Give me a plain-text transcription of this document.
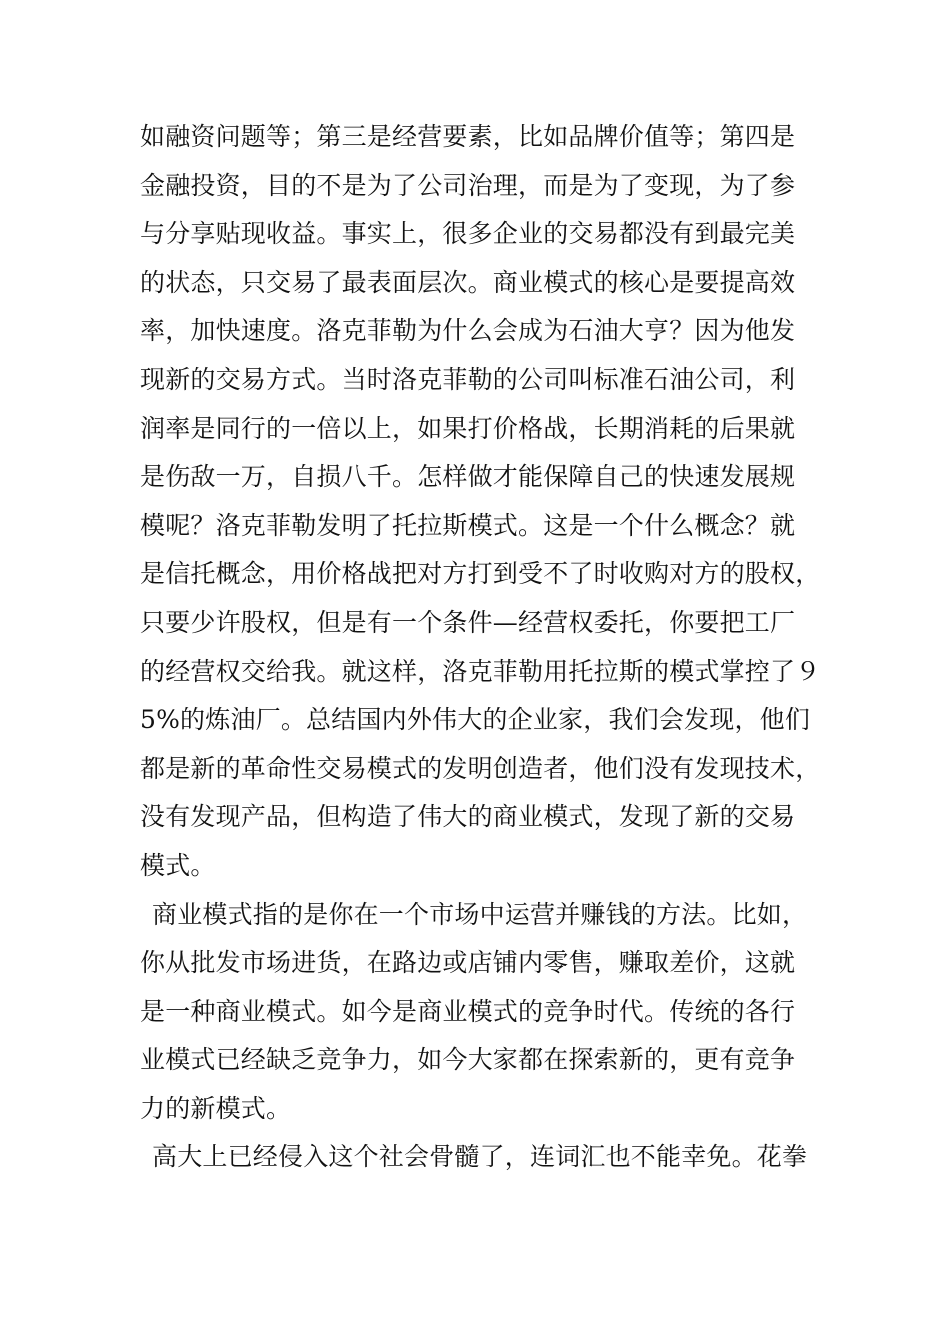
如融资问题等；第三是经营要素，比如品牌价值等；第四是
金融投资，目的不是为了公司治理，而是为了变现，为了参
与分享贴现收益。事实上，很多企业的交易都没有到最完美
的状态，只交易了最表面层次。商业模式的核心是要提高效
率，加快速度。洛克菲勒为什么会成为石油大亨？因为他发
现新的交易方式。当时洛克菲勒的公司叫标准石油公司，利
润率是同行的一倍以上，如果打价格战，长期消耗的后果就
是伤敌一万，自损八千。怎样做才能保障自己的快速发展规
模呢？洛克菲勒发明了托拉斯模式。这是一个什么概念？就
是信托概念，用价格战把对方打到受不了时收购对方的股权，
只要少许股权，但是有一个条件—经营权委托，你要把工厂
的经营权交给我。就这样，洛克菲勒用托拉斯的模式掌控了９
5%的炼油厂。总结国内外伟大的企业家，我们会发现，他们
都是新的革命性交易模式的发明创造者，他们没有发现技术，
没有发现产品，但构造了伟大的商业模式，发现了新的交易
模式。
商业模式指的是你在一个市场中运营并赚钱的方法。比如，
你从批发市场进货，在路边或店铺内零售，赚取差价，这就
是一种商业模式。如今是商业模式的竞争时代。传统的各行
业模式已经缺乏竞争力，如今大家都在探索新的，更有竞争
力的新模式。
高大上已经侵入这个社会骨髓了，连词汇也不能幸免。花拳
